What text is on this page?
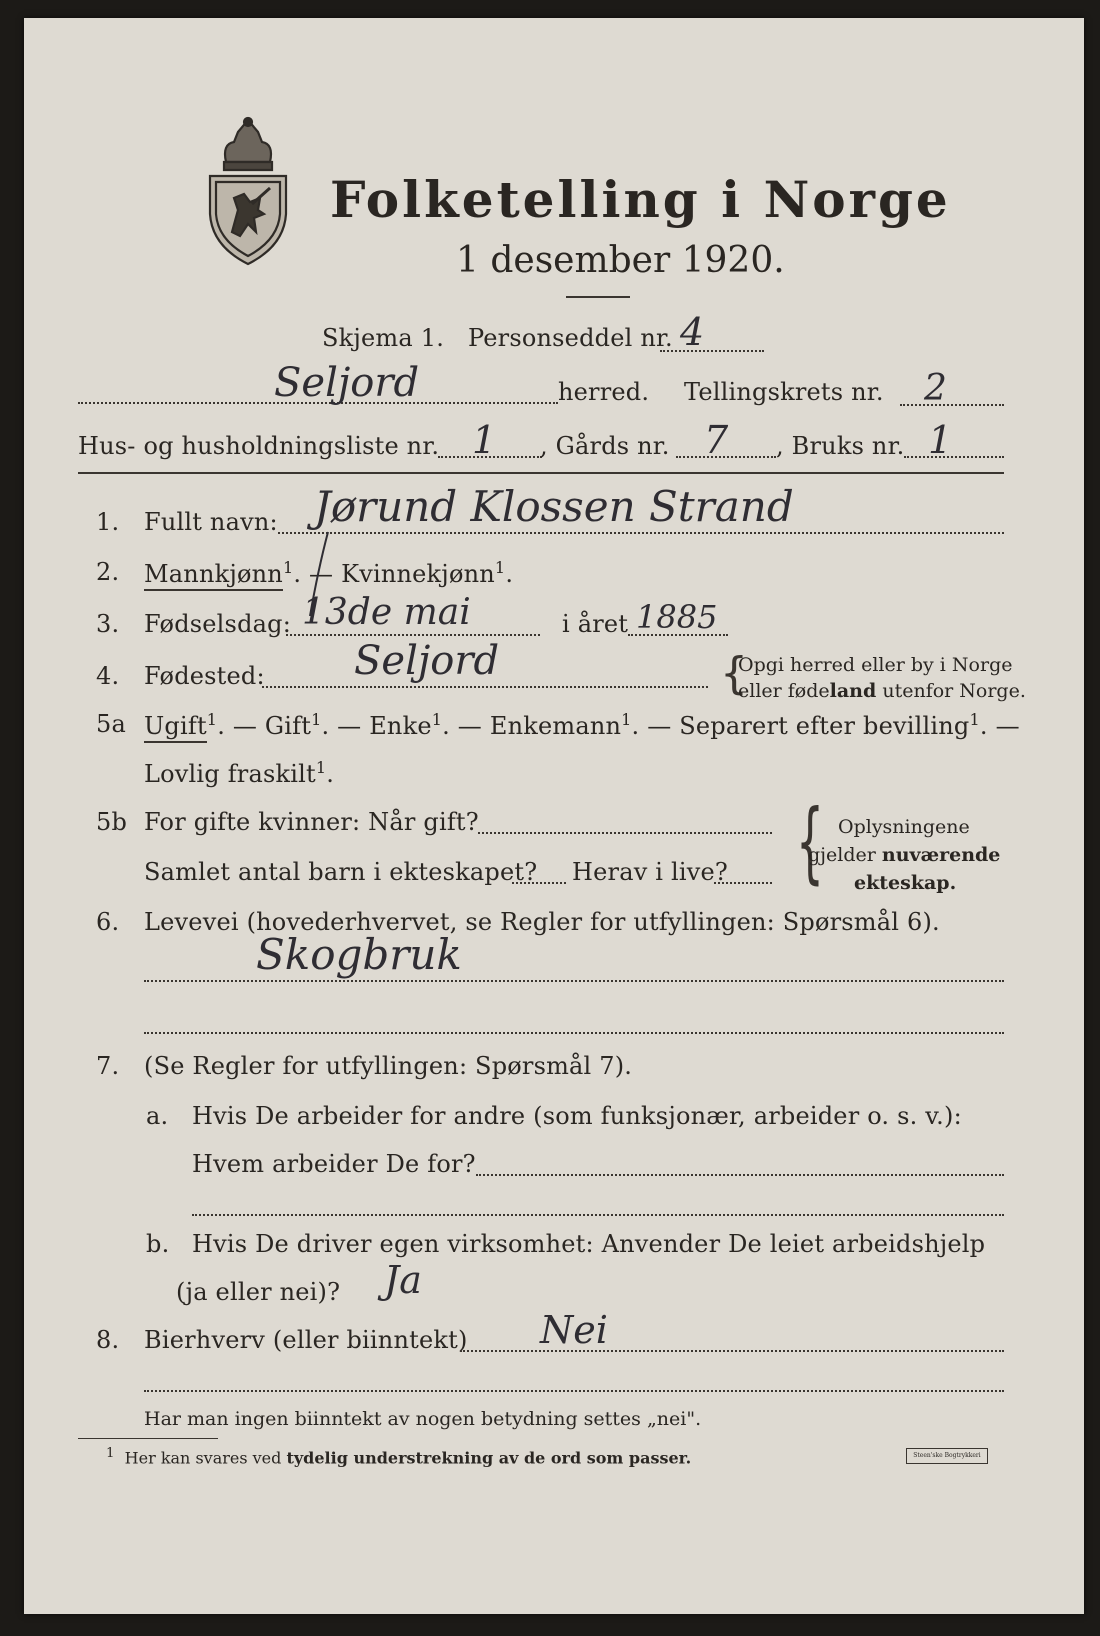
Folketelling i Norge
1 desember 1920.
Skjema 1. Personseddel nr. 4
Seljord	herred. Tellingskrets nr. 2
Hus- og husholdningsliste nr. 1 , Gårds nr. 7 , Bruks nr. 1
1. Fullt navn: Jørund Klossen Strand
2. Mannkjønn$^1$. — Kvinnekjønn$^1$.
3. Fødselsdag: 13de mai	i året 1885
4. Fødested: Seljord	{
Opgi herred eller by i Norge
eller fødeland utenfor Norge.
5a Ugift$^1$. — Gift$^1$. — Enke$^1$. — Enkemann$^1$. — Separert efter bevilling$^1$. —
Lovlig fraskilt$^1$.
5b For gifte kvinner: Når gift?
Samlet antal barn i ekteskapet? Herav i live? { Oplysningene
gjelder nuværende
ekteskap.
6. Levevei (hovederhvervet, se Regler for utfyllingen: Spørsmål 6).
Skogbruk
7. (Se Regler for utfyllingen: Spørsmål 7).
a. Hvis De arbeider for andre (som funksjonær, arbeider o. s. v.):
Hvem arbeider De for?
b. Hvis De driver egen virksomhet: Anvender De leiet arbeidshjelp
(ja eller nei)? Ja
8. Bierhverv (eller biinntekt) Nei
Har man ingen biinntekt av nogen betydning settes „nei".
$^1$ Her kan svares ved tydelig understrekning av de ord som passer.	Steen'ske Bogtrykkeri
